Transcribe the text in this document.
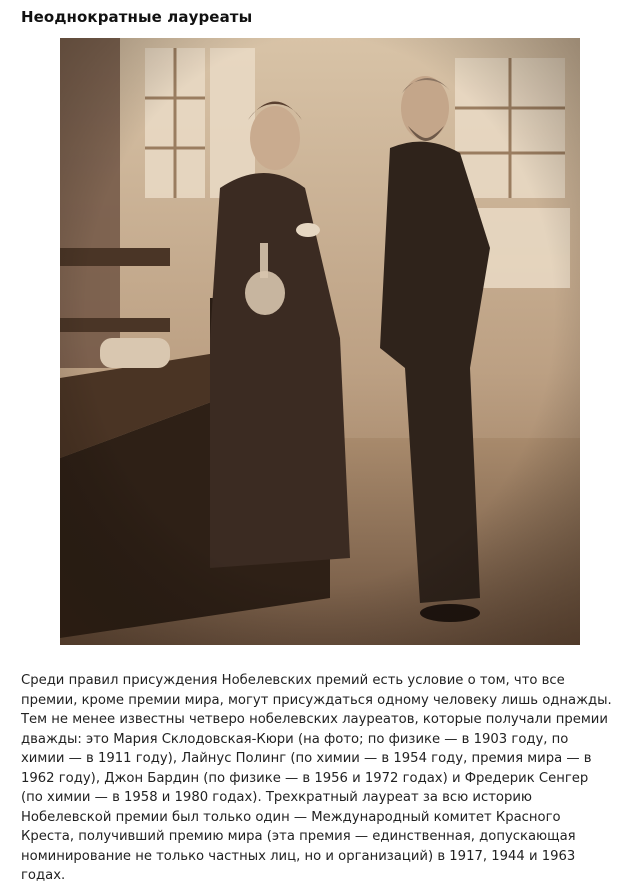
Неоднократные лауреаты

Среди правил присуждения Нобелевских премий есть условие о том, что все премии, кроме премии мира, могут присуждаться одному человеку лишь однажды. Тем не менее известны четверо нобелевских лауреатов, которые получали премии дважды: это Мария Склодовская-Кюри (на фото; по физике — в 1903 году, по химии — в 1911 году), Лайнус Полинг (по химии — в 1954 году, премия мира — в 1962 году), Джон Бардин (по физике — в 1956 и 1972 годах) и Фредерик Сенгер (по химии — в 1958 и 1980 годах). Трехкратный лауреат за всю историю Нобелевской премии был только один — Международный комитет Красного Креста, получивший премию мира (эта премия — единственная, допускающая номинирование не только частных лиц, но и организаций) в 1917, 1944 и 1963 годах.
